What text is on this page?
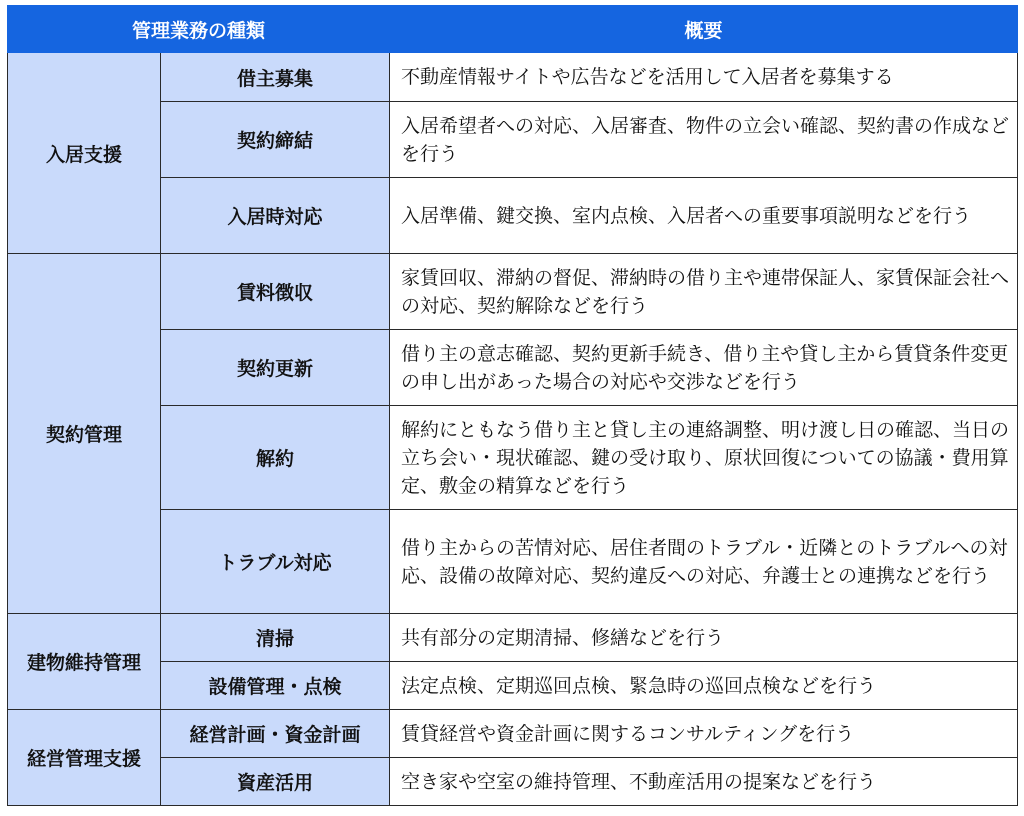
管理業務の種類		概要
入居支援	借主募集	不動産情報サイトや広告などを活用して入居者を募集する
	契約締結	入居希望者への対応、入居審査、物件の立会い確認、契約書の作成などを行う
	入居時対応	入居準備、鍵交換、室内点検、入居者への重要事項説明などを行う
契約管理	賃料徴収	家賃回収、滞納の督促、滞納時の借り主や連帯保証人、家賃保証会社への対応、契約解除などを行う
	契約更新	借り主の意志確認、契約更新手続き、借り主や貸し主から賃貸条件変更の申し出があった場合の対応や交渉などを行う
	解約	解約にともなう借り主と貸し主の連絡調整、明け渡し日の確認、当日の立ち会い・現状確認、鍵の受け取り、原状回復についての協議・費用算定、敷金の精算などを行う
	トラブル対応	借り主からの苦情対応、居住者間のトラブル・近隣とのトラブルへの対応、設備の故障対応、契約違反への対応、弁護士との連携などを行う
建物維持管理	清掃	共有部分の定期清掃、修繕などを行う
	設備管理・点検	法定点検、定期巡回点検、緊急時の巡回点検などを行う
経営管理支援	経営計画・資金計画	賃貸経営や資金計画に関するコンサルティングを行う
	資産活用	空き家や空室の維持管理、不動産活用の提案などを行う
